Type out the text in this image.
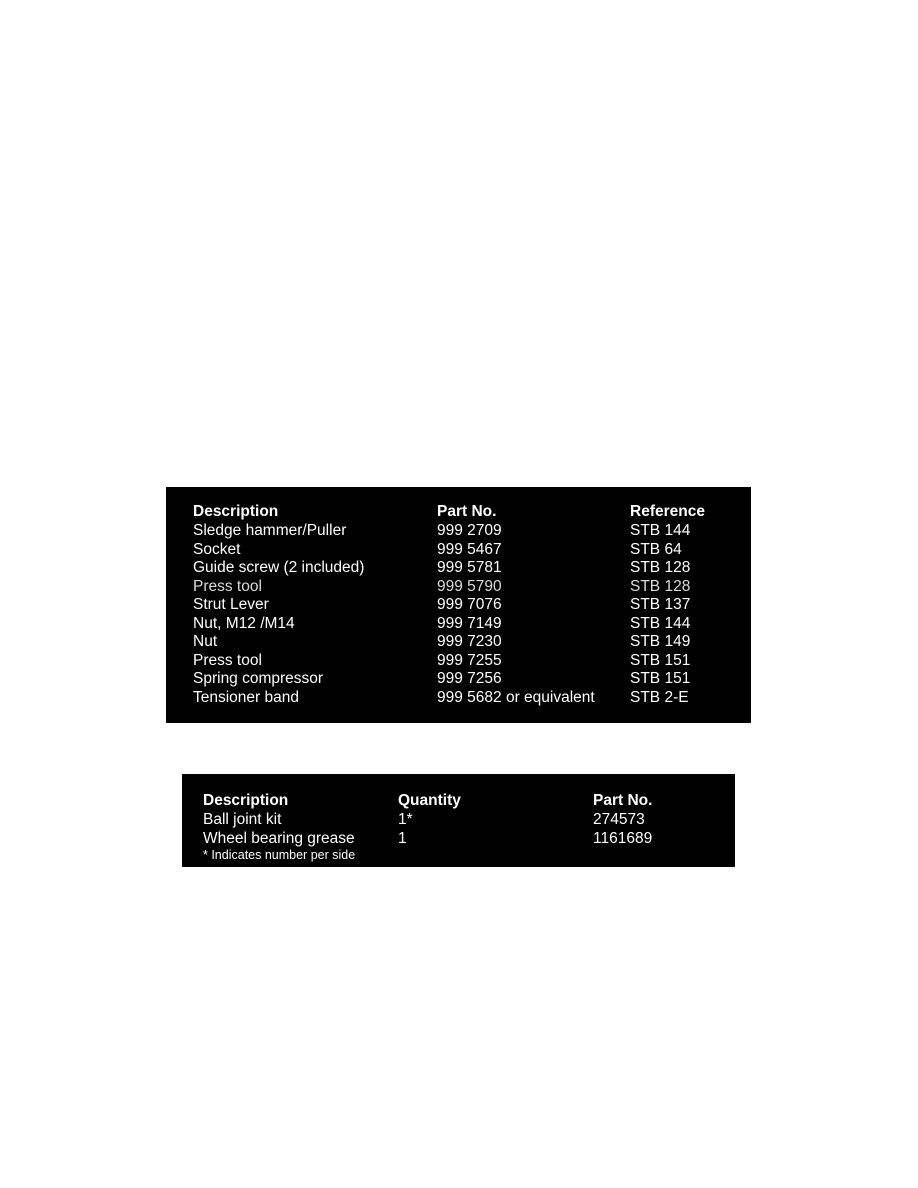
Description	Part No.	Reference
Sledge hammer/Puller	999 2709	STB 144
Socket	999 5467	STB 64
Guide screw (2 included)	999 5781	STB 128
Press tool	999 5790	STB 128
Strut Lever	999 7076	STB 137
Nut, M12 /M14	999 7149	STB 144
Nut	999 7230	STB 149
Press tool	999 7255	STB 151
Spring compressor	999 7256	STB 151
Tensioner band	999 5682 or equivalent STB 2-E
Description	Quantity	Part No.
Ball joint kit	1*	274573
Wheel bearing grease	1	1161689
* Indicates number per side
